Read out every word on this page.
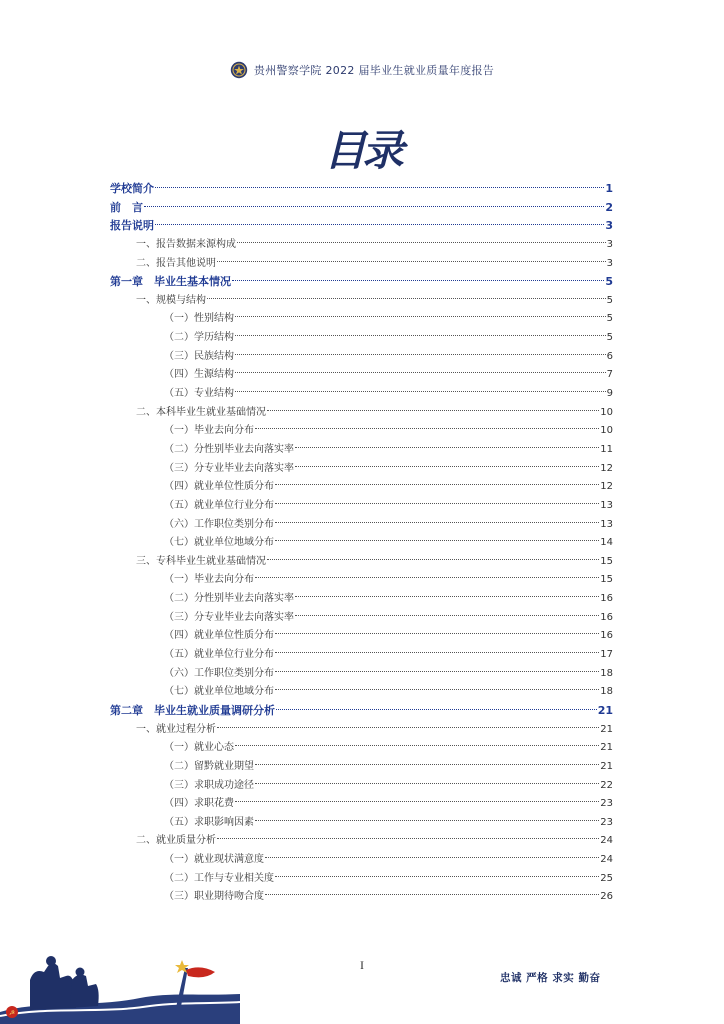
贵州警察学院 2022 届毕业生就业质量年度报告
目录
学校简介	1
前　言	2
报告说明	3
一、报告数据来源构成	3
二、报告其他说明	3
第一章　毕业生基本情况	5
一、规模与结构	5
（一）性别结构	5
（二）学历结构	5
（三）民族结构	6
（四）生源结构	7
（五）专业结构	9
二、本科毕业生就业基础情况	10
（一）毕业去向分布	10
（二）分性别毕业去向落实率	11
（三）分专业毕业去向落实率	12
（四）就业单位性质分布	12
（五）就业单位行业分布	13
（六）工作职位类别分布	13
（七）就业单位地域分布	14
三、专科毕业生就业基础情况	15
（一）毕业去向分布	15
（二）分性别毕业去向落实率	16
（三）分专业毕业去向落实率	16
（四）就业单位性质分布	16
（五）就业单位行业分布	17
（六）工作职位类别分布	18
（七）就业单位地域分布	18
第二章　毕业生就业质量调研分析	21
一、就业过程分析	21
（一）就业心态	21
（二）留黔就业期望	21
（三）求职成功途径	22
（四）求职花费	23
（五）求职影响因素	23
二、就业质量分析	24
（一）就业现状满意度	24
（二）工作与专业相关度	25
（三）职业期待吻合度	26
☭
I
忠诚 严格 求实 勤奋
